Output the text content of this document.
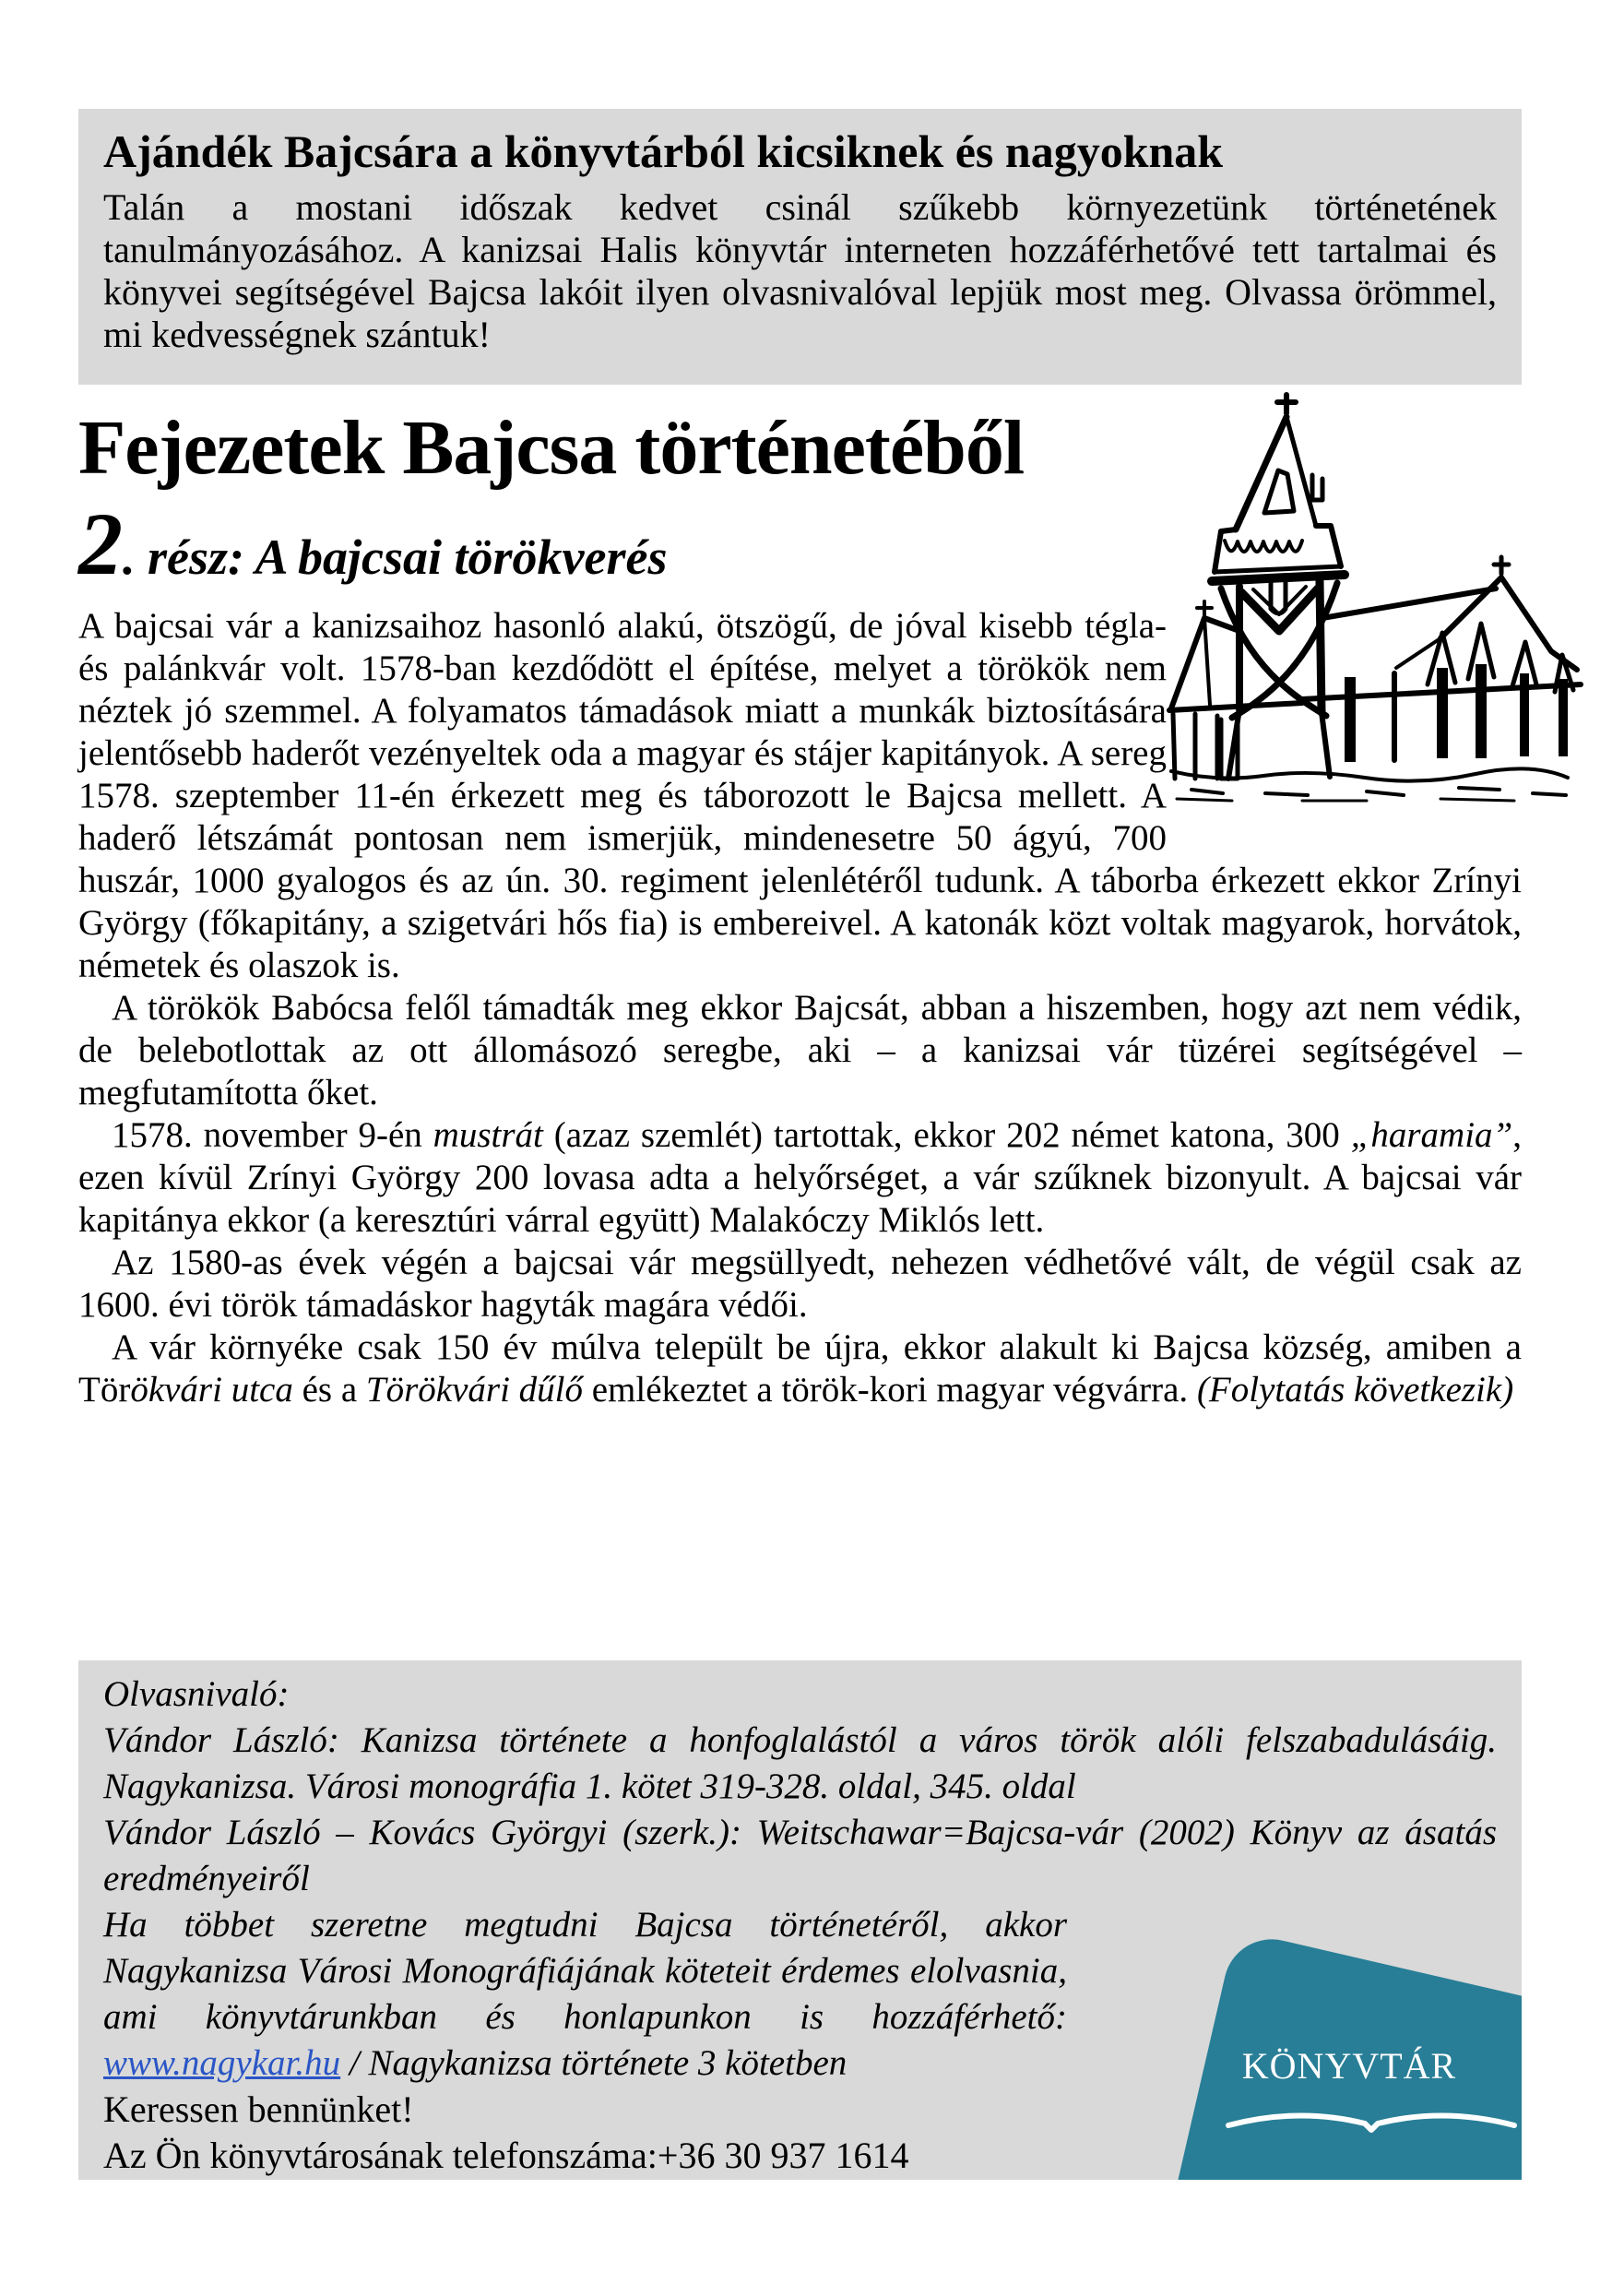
Ajándék Bajcsára a könyvtárból kicsiknek és nagyoknak

Talán a mostani időszak kedvet csinál szűkebb környezetünk történetének tanulmányozásához. A kanizsai Halis könyvtár interneten hozzáférhetővé tett tartalmai és könyvei segítségével Bajcsa lakóit ilyen olvasnivalóval lepjük most meg. Olvassa örömmel, mi kedvességnek szántuk!

Fejezetek Bajcsa történetéből
2. rész: A bajcsai törökverés

A bajcsai vár a kanizsaihoz hasonló alakú, ötszögű, de jóval kisebb tégla- és palánkvár volt. 1578-ban kezdődött el építése, melyet a törökök nem néztek jó szemmel. A folyamatos támadások miatt a munkák biztosítására jelentősebb haderőt vezényeltek oda a magyar és stájer kapitányok. A sereg 1578. szeptember 11-én érkezett meg és táborozott le Bajcsa mellett. A haderő létszámát pontosan nem ismerjük, mindenesetre 50 ágyú, 700 huszár, 1000 gyalogos és az ún. 30. regiment jelenlétéről tudunk. A táborba érkezett ekkor Zrínyi György (főkapitány, a szigetvári hős fia) is embereivel. A katonák közt voltak magyarok, horvátok, németek és olaszok is.

A törökök Babócsa felől támadták meg ekkor Bajcsát, abban a hiszemben, hogy azt nem védik, de belebotlottak az ott állomásozó seregbe, aki – a kanizsai vár tüzérei segítségével – megfutamította őket.

1578. november 9-én mustrát (azaz szemlét) tartottak, ekkor 202 német katona, 300 „haramia”, ezen kívül Zrínyi György 200 lovasa adta a helyőrséget, a vár szűknek bizonyult. A bajcsai vár kapitánya ekkor (a keresztúri várral együtt) Malakóczy Miklós lett.

Az 1580-as évek végén a bajcsai vár megsüllyedt, nehezen védhetővé vált, de végül csak az 1600. évi török támadáskor hagyták magára védői.

A vár környéke csak 150 év múlva települt be újra, ekkor alakult ki Bajcsa község, amiben a Törökvári utca és a Törökvári dűlő emlékeztet a török-kori magyar végvárra. (Folytatás következik)

KÖNYVTÁR

Olvasnivaló:

Vándor László: Kanizsa története a honfoglalástól a város török alóli felszabadulásáig. Nagykanizsa. Városi monográfia 1. kötet 319-328. oldal, 345. oldal

Vándor László – Kovács Györgyi (szerk.): Weitschawar=Bajcsa-vár (2002) Könyv az ásatás eredményeiről

Ha többet szeretne megtudni Bajcsa történetéről, akkor Nagykanizsa Városi Monográfiájának köteteit érdemes elolvasnia, ami könyvtárunkban és honlapunkon is hozzáférhető: www.nagykar.hu / Nagykanizsa története 3 kötetben

Keressen bennünket!

Az Ön könyvtárosának telefonszáma:+36 30 937 1614
